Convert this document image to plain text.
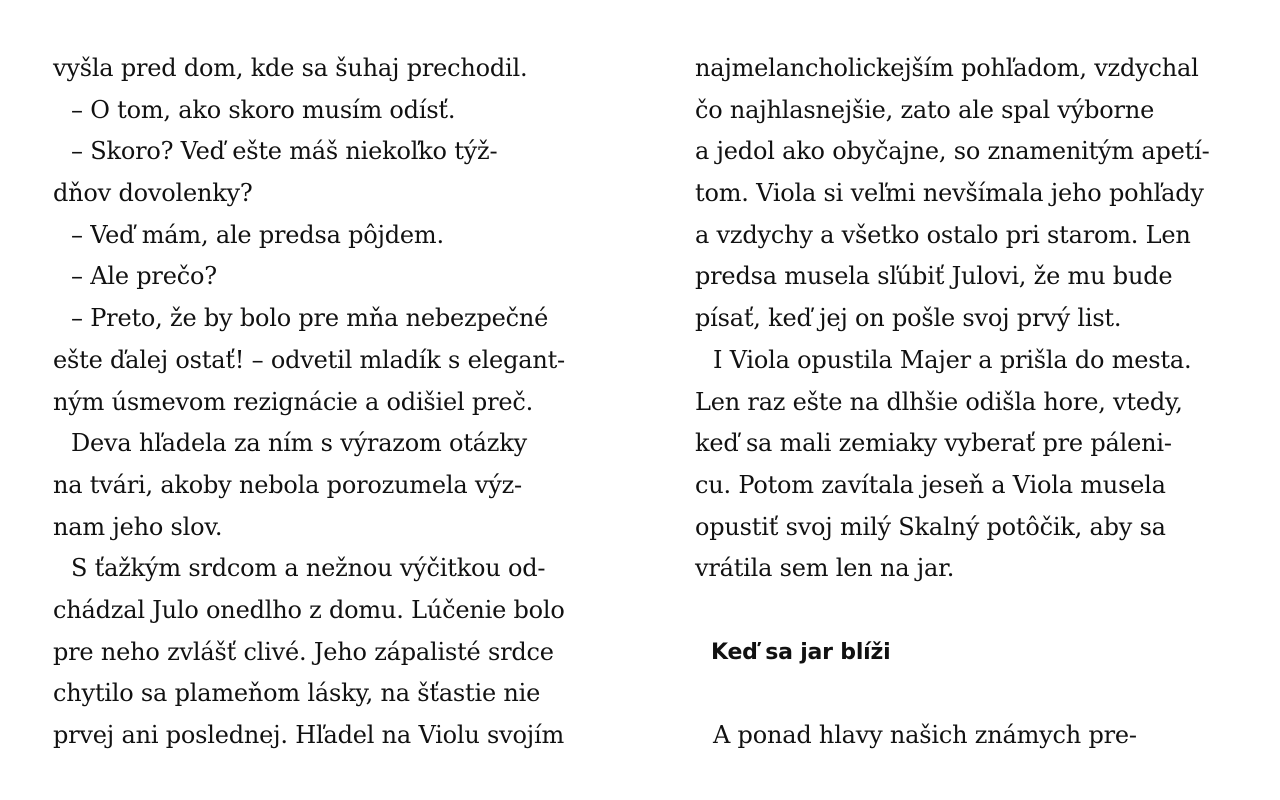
vyšla pred dom, kde sa šuhaj prechodil.
– O tom, ako skoro musím odísť.
– Skoro? Veď ešte máš niekoľko týž-
dňov dovolenky?
– Veď mám, ale predsa pôjdem.
– Ale prečo?
– Preto, že by bolo pre mňa nebezpečné
ešte ďalej ostať! – odvetil mladík s elegant-
ným úsmevom rezignácie a odišiel preč.
Deva hľadela za ním s výrazom otázky
na tvári, akoby nebola porozumela výz-
nam jeho slov.
S ťažkým srdcom a nežnou výčitkou od-
chádzal Julo onedlho z domu. Lúčenie bolo
pre neho zvlášť clivé. Jeho zápalisté srdce
chytilo sa plameňom lásky, na šťastie nie
prvej ani poslednej. Hľadel na Violu svojím
najmelancholickejším pohľadom, vzdychal
čo najhlasnejšie, zato ale spal výborne
a jedol ako obyčajne, so znamenitým apetí-
tom. Viola si veľmi nevšímala jeho pohľady
a vzdychy a všetko ostalo pri starom. Len
predsa musela sľúbiť Julovi, že mu bude
písať, keď jej on pošle svoj prvý list.
I Viola opustila Majer a prišla do mesta.
Len raz ešte na dlhšie odišla hore, vtedy,
keď sa mali zemiaky vyberať pre páleni-
cu. Potom zavítala jeseň a Viola musela
opustiť svoj milý Skalný potôčik, aby sa
vrátila sem len na jar.
Keď sa jar blíži
A ponad hlavy našich známych pre-
